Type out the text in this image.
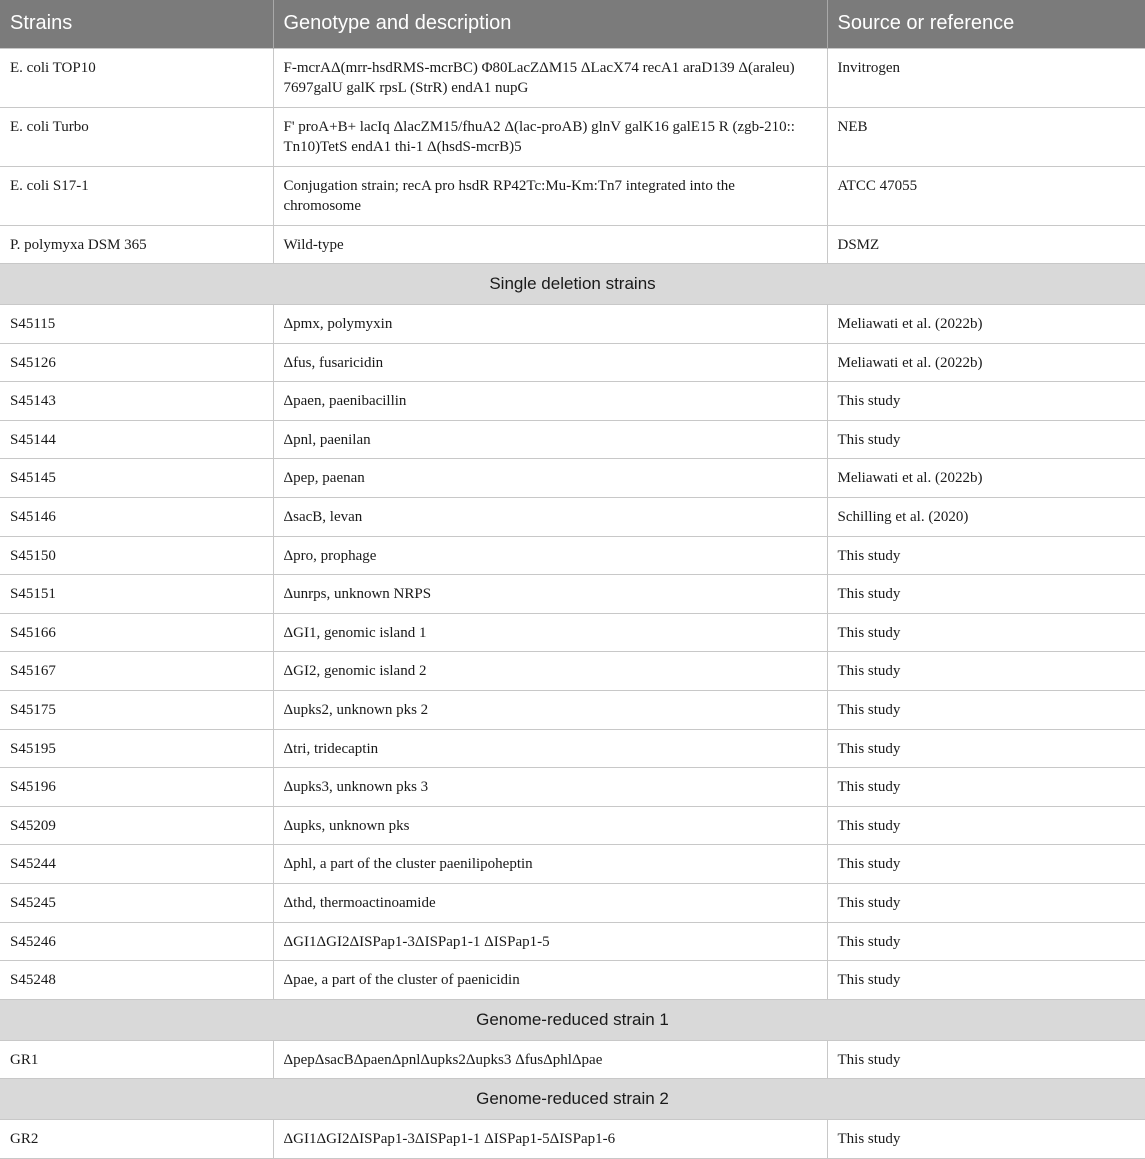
Strains	Genotype and description	Source or reference
E. coli TOP10	F-mcrAΔ(mrr-hsdRMS-mcrBC) Φ80LacZΔM15 ΔLacX74 recA1 araD139 Δ(araleu)
7697galU galK rpsL (StrR) endA1 nupG	Invitrogen
E. coli Turbo	F' proA+B+ lacIq ΔlacZM15/fhuA2 Δ(lac-proAB) glnV galK16 galE15 R (zgb-210::
Tn10)TetS endA1 thi-1 Δ(hsdS-mcrB)5	NEB
E. coli S17-1	Conjugation strain; recA pro hsdR RP42Tc:Mu-Km:Tn7 integrated into the
chromosome	ATCC 47055
P. polymyxa DSM 365	Wild-type	DSMZ
Single deletion strains		
S45115	Δpmx, polymyxin	Meliawati et al. (2022b)
S45126	Δfus, fusaricidin	Meliawati et al. (2022b)
S45143	Δpaen, paenibacillin	This study
S45144	Δpnl, paenilan	This study
S45145	Δpep, paenan	Meliawati et al. (2022b)
S45146	ΔsacB, levan	Schilling et al. (2020)
S45150	Δpro, prophage	This study
S45151	Δunrps, unknown NRPS	This study
S45166	ΔGI1, genomic island 1	This study
S45167	ΔGI2, genomic island 2	This study
S45175	Δupks2, unknown pks 2	This study
S45195	Δtri, tridecaptin	This study
S45196	Δupks3, unknown pks 3	This study
S45209	Δupks, unknown pks	This study
S45244	Δphl, a part of the cluster paenilipoheptin	This study
S45245	Δthd, thermoactinoamide	This study
S45246	ΔGI1ΔGI2ΔISPap1-3ΔISPap1-1 ΔISPap1-5	This study
S45248	Δpae, a part of the cluster of paenicidin	This study
Genome-reduced strain 1		
GR1	ΔpepΔsacBΔpaenΔpnlΔupks2Δupks3 ΔfusΔphlΔpae	This study
Genome-reduced strain 2		
GR2	ΔGI1ΔGI2ΔISPap1-3ΔISPap1-1 ΔISPap1-5ΔISPap1-6	This study
